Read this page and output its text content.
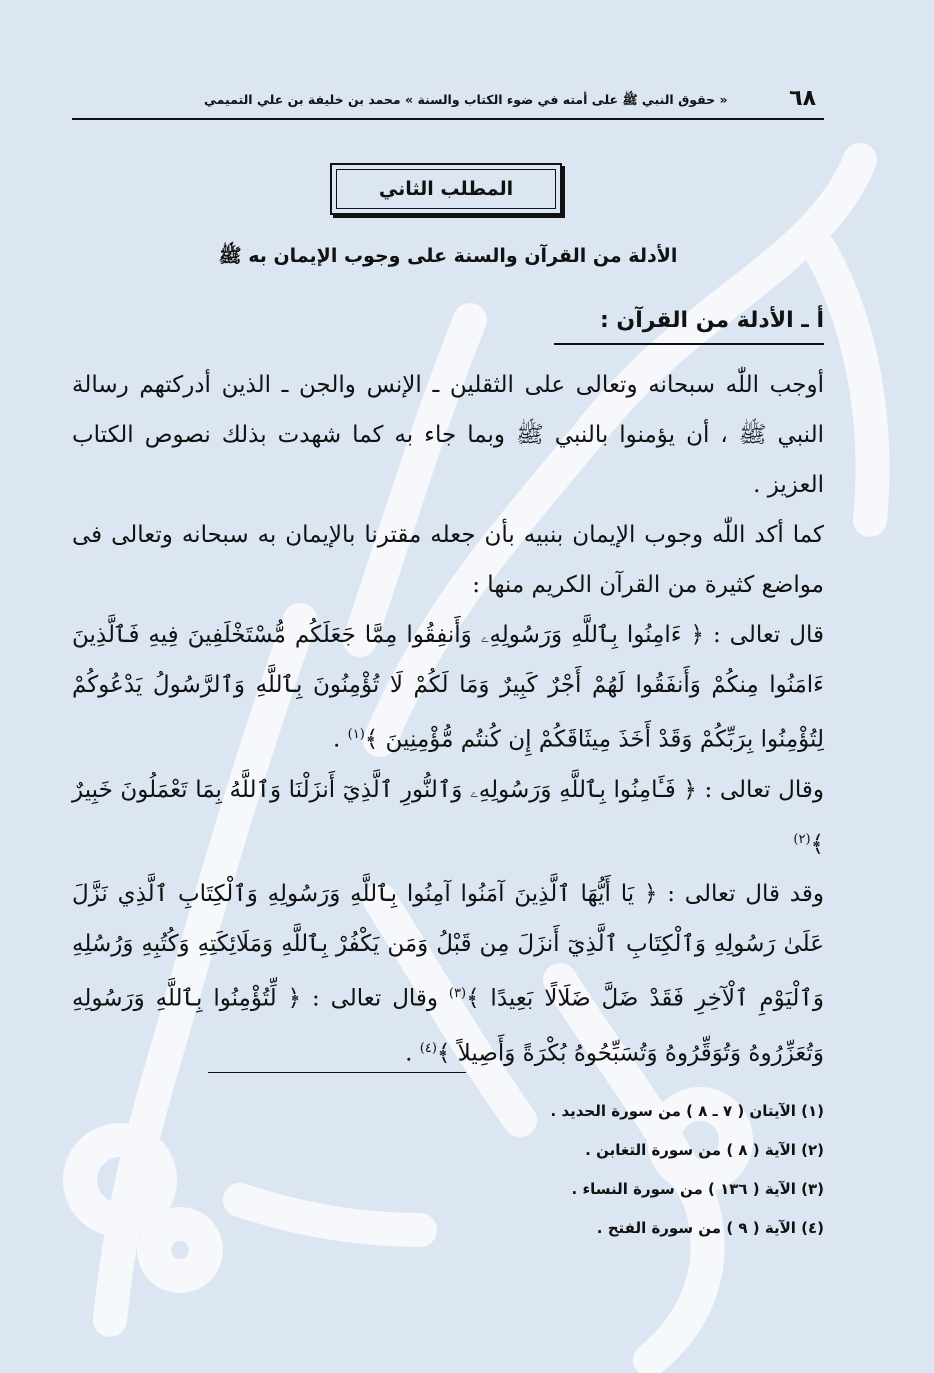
٦٨
« حقوق النبي ﷺ على أمته في ضوء الكتاب والسنة » محمد بن خليفة بن علي التميمي
المطلب الثاني
الأدلة من القرآن والسنة على وجوب الإيمان به ﷺ
أ ـ الأدلة من القرآن :

أوجب اللّٰه سبحانه وتعالى على الثقلين ـ الإنس والجن ـ الذين أدركتهم رسالة النبي ﷺ ، أن يؤمنوا بالنبي ﷺ وبما جاء به كما شهدت بذلك نصوص الكتاب العزيز .

كما أكد اللّٰه وجوب الإيمان بنبيه بأن جعله مقترنا بالإيمان به سبحانه وتعالى فى مواضع كثيرة من القرآن الكريم منها :

قال تعالى : ﴿ ءَامِنُوا بِٱللَّهِ وَرَسُولِهِۦ وَأَنفِقُوا مِمَّا جَعَلَكُم مُّسْتَخْلَفِينَ فِيهِ فَٱلَّذِينَ ءَامَنُوا مِنكُمْ وَأَنفَقُوا لَهُمْ أَجْرٌ كَبِيرٌ وَمَا لَكُمْ لَا تُؤْمِنُونَ بِٱللَّهِ وَٱلرَّسُولُ يَدْعُوكُمْ لِتُؤْمِنُوا بِرَبِّكُمْ وَقَدْ أَخَذَ مِيثَاقَكُمْ إِن كُنتُم مُّؤْمِنِينَ ﴾$^{(١)}$ .

وقال تعالى : ﴿ فَـَٔامِنُوا بِٱللَّهِ وَرَسُولِهِۦ وَٱلنُّورِ ٱلَّذِيٓ أَنزَلْنَا وَٱللَّهُ بِمَا تَعْمَلُونَ خَبِيرٌ ﴾$^{(٢)}$

وقد قال تعالى : ﴿ يَا أَيُّهَا ٱلَّذِينَ آمَنُوا آمِنُوا بِٱللَّهِ وَرَسُولِهِ وَٱلْكِتَابِ ٱلَّذِي نَزَّلَ عَلَىٰ رَسُولِهِ وَٱلْكِتَابِ ٱلَّذِيٓ أَنزَلَ مِن قَبْلُ وَمَن يَكْفُرْ بِٱللَّهِ وَمَلَائِكَتِهِ وَكُتُبِهِ وَرُسُلِهِ وَٱلْيَوْمِ ٱلْآخِرِ فَقَدْ ضَلَّ ضَلَالًا بَعِيدًا ﴾$^{(٣)}$ وقال تعالى : ﴿ لِّتُؤْمِنُوا بِٱللَّهِ وَرَسُولِهِ وَتُعَزِّرُوهُ وَتُوَقِّرُوهُ وَتُسَبِّحُوهُ بُكْرَةً وَأَصِيلاً ﴾$^{(٤)}$ .

(١) الآيتان ( ٧ ـ ٨ ) من سورة الحديد .
(٢) الآية ( ٨ ) من سورة التغابن .
(٣) الآية ( ١٣٦ ) من سورة النساء .
(٤) الآية ( ٩ ) من سورة الفتح .
